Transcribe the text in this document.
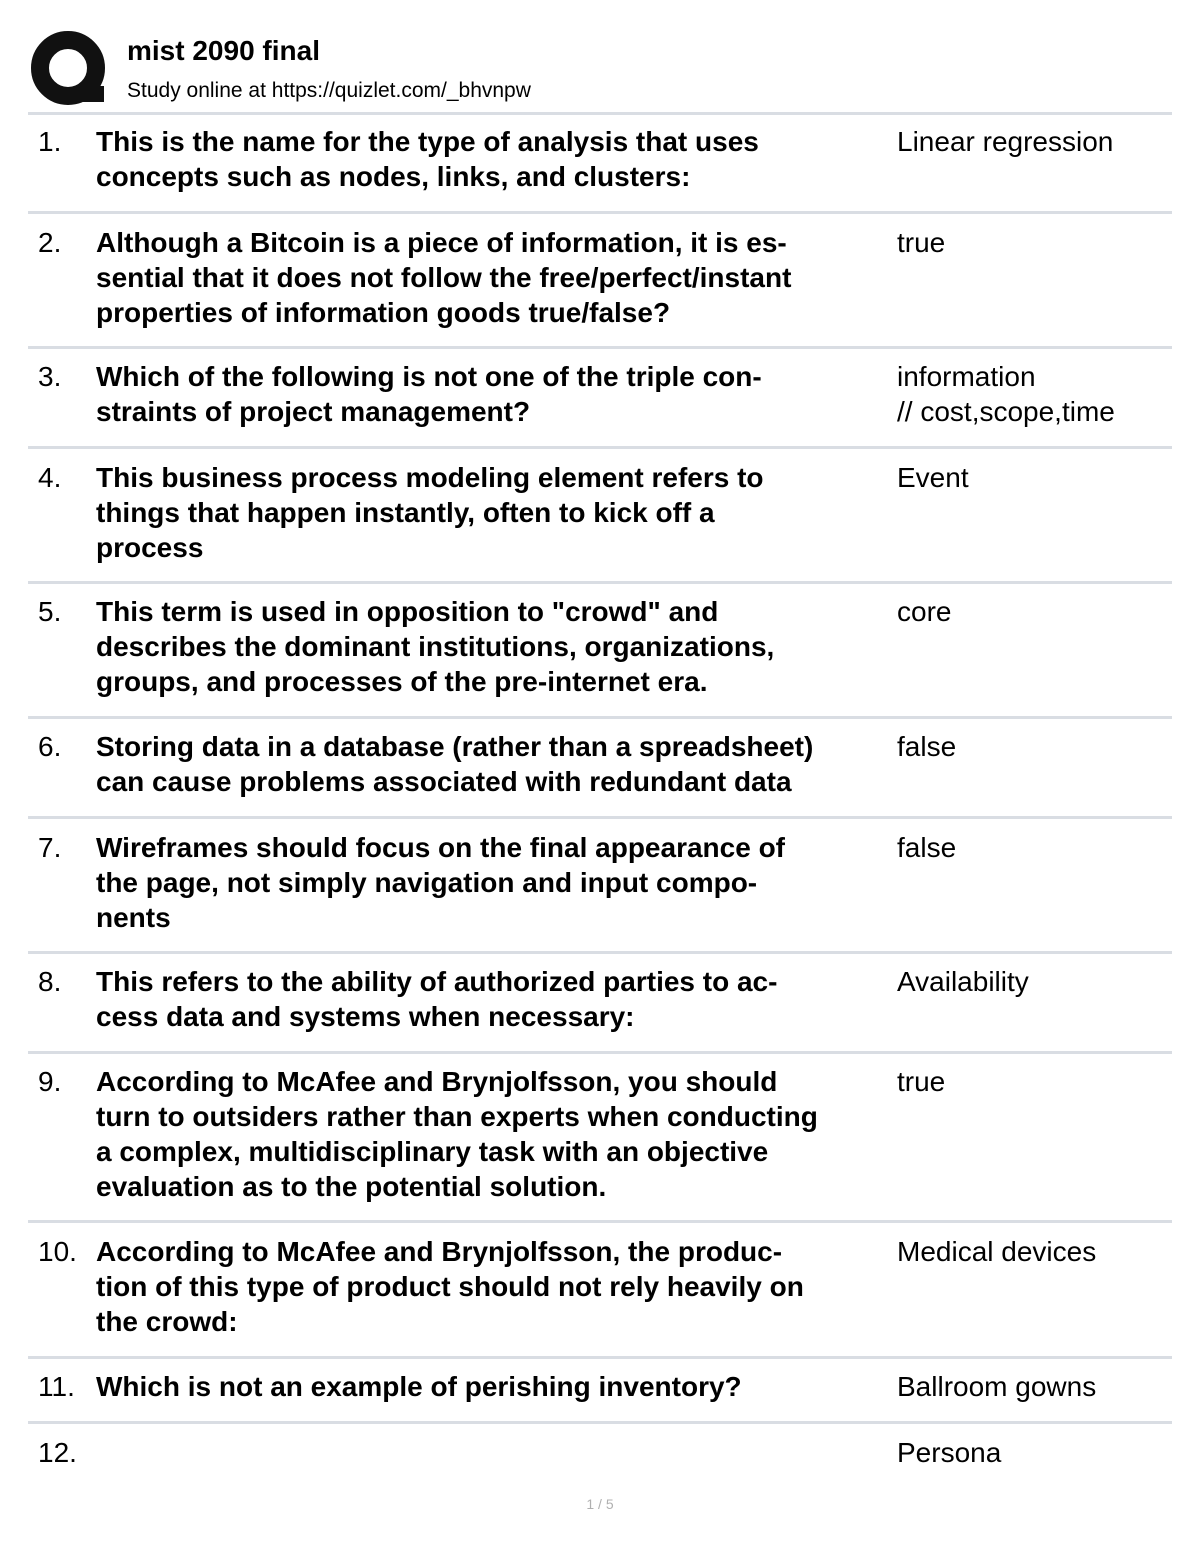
mist 2090 final
Study online at https://quizlet.com/_bhvnpw
1. This is the name for the type of analysis that uses
concepts such as nodes, links, and clusters:
Linear regression
2. Although a Bitcoin is a piece of information, it is es-
sential that it does not follow the free/perfect/instant
properties of information goods true/false?
true
3. Which of the following is not one of the triple con-
straints of project management?
information
// cost,scope,time
4. This business process modeling element refers to
things that happen instantly, often to kick off a
process
Event
5. This term is used in opposition to "crowd" and
describes the dominant institutions, organizations,
groups, and processes of the pre-internet era.
core
6. Storing data in a database (rather than a spreadsheet)
can cause problems associated with redundant data
false
7. Wireframes should focus on the final appearance of
the page, not simply navigation and input compo-
nents
false
8. This refers to the ability of authorized parties to ac-
cess data and systems when necessary:
Availability
9. According to McAfee and Brynjolfsson, you should
turn to outsiders rather than experts when conducting
a complex, multidisciplinary task with an objective
evaluation as to the potential solution.
true
10. According to McAfee and Brynjolfsson, the produc-
tion of this type of product should not rely heavily on
the crowd:
Medical devices
11. Which is not an example of perishing inventory?	Ballroom gowns
12.	Persona
1 / 5
